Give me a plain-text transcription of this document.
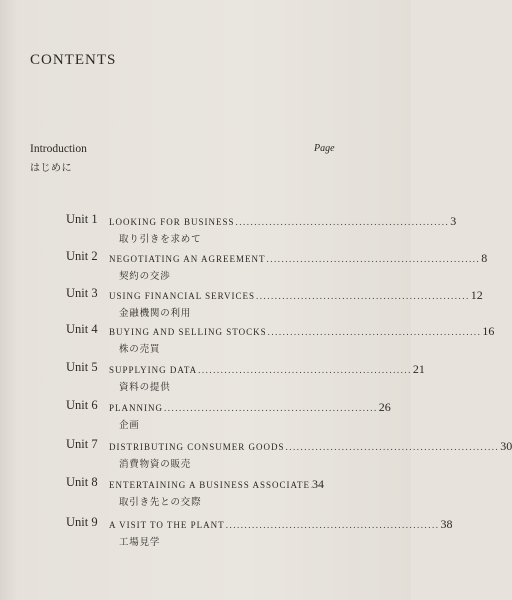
CONTENTS
Introduction
はじめに
Page
Unit 1 LOOKING FOR BUSINESS ......................................................... 3
取り引きを求めて
Unit 2 NEGOTIATING AN AGREEMENT ......................................................... 8
契約の交渉
Unit 3 USING FINANCIAL SERVICES ......................................................... 12
金融機関の利用
Unit 4 BUYING AND SELLING STOCKS ......................................................... 16
株の売買
Unit 5 SUPPLYING DATA ......................................................... 21
資料の提供
Unit 6 PLANNING ......................................................... 26
企画
Unit 7 DISTRIBUTING CONSUMER GOODS ......................................................... 30
消費物資の販売
Unit 8 ENTERTAINING A BUSINESS ASSOCIATE 34
取引き先との交際
Unit 9 A VISIT TO THE PLANT ......................................................... 38
工場見学
